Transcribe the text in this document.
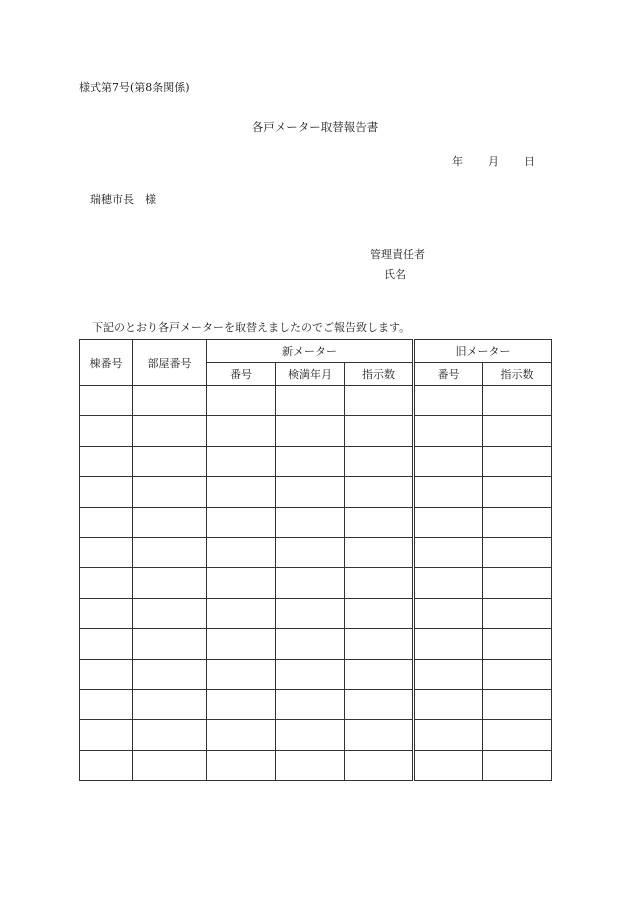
様式第7号(第8条関係)
各戸メーター取替報告書
年 月 日
瑞穂市長　様
管理責任者
氏名
下記のとおり各戸メーターを取替えましたのでご報告致します。
棟番号	部屋番号	新メーター			旧メーター	
		番号	検満年月	指示数	番号	指示数
